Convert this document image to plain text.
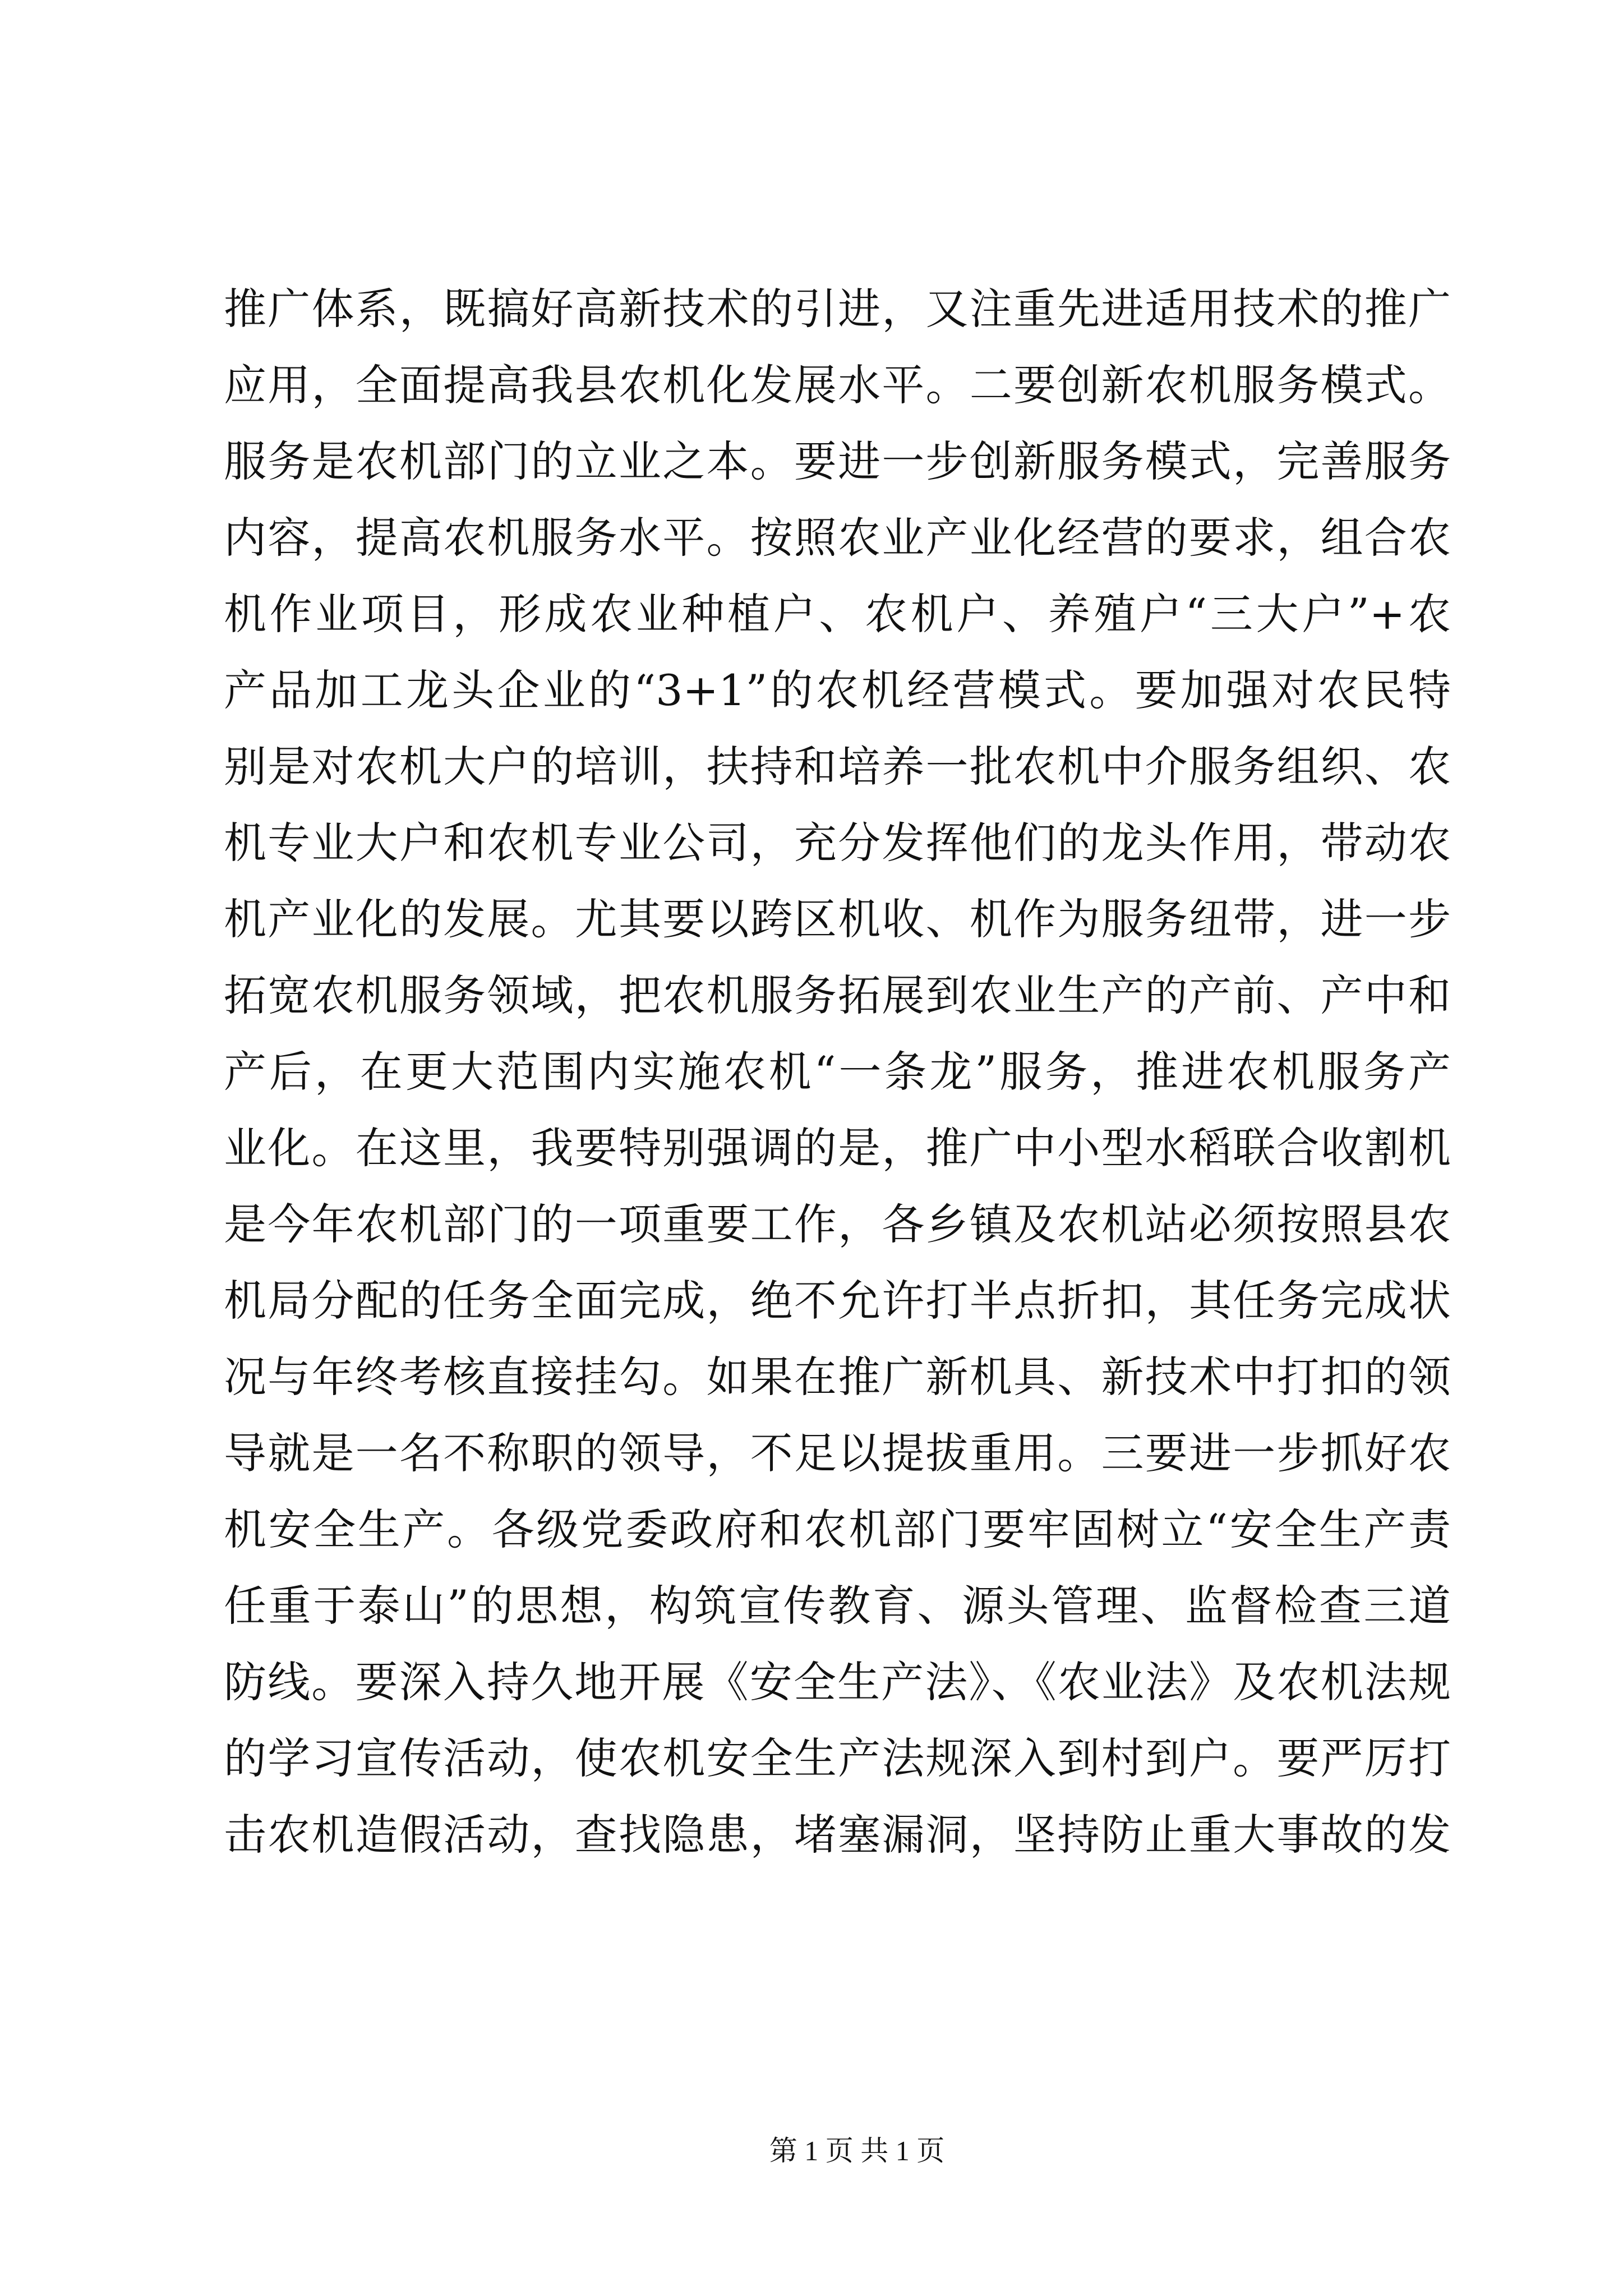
推广体系，既搞好高新技术的引进，又注重先进适用技术的推广
应用，全面提高我县农机化发展水平。二要创新农机服务模式。
服务是农机部门的立业之本。要进一步创新服务模式，完善服务
内容，提高农机服务水平。按照农业产业化经营的要求，组合农
机作业项目，形成农业种植户、农机户、养殖户“三大户”+农
产品加工龙头企业的“3+1”的农机经营模式。要加强对农民特
别是对农机大户的培训，扶持和培养一批农机中介服务组织、农
机专业大户和农机专业公司，充分发挥他们的龙头作用，带动农
机产业化的发展。尤其要以跨区机收、机作为服务纽带，进一步
拓宽农机服务领域，把农机服务拓展到农业生产的产前、产中和
产后，在更大范围内实施农机“一条龙”服务，推进农机服务产
业化。在这里，我要特别强调的是，推广中小型水稻联合收割机
是今年农机部门的一项重要工作，各乡镇及农机站必须按照县农
机局分配的任务全面完成，绝不允许打半点折扣，其任务完成状
况与年终考核直接挂勾。如果在推广新机具、新技术中打扣的领
导就是一名不称职的领导，不足以提拔重用。三要进一步抓好农
机安全生产。各级党委政府和农机部门要牢固树立“安全生产责
任重于泰山”的思想，构筑宣传教育、源头管理、监督检查三道
防线。要深入持久地开展《安全生产法》、《农业法》及农机法规
的学习宣传活动，使农机安全生产法规深入到村到户。要严厉打
击农机造假活动，查找隐患，堵塞漏洞，坚持防止重大事故的发
第 1 页 共 1 页
